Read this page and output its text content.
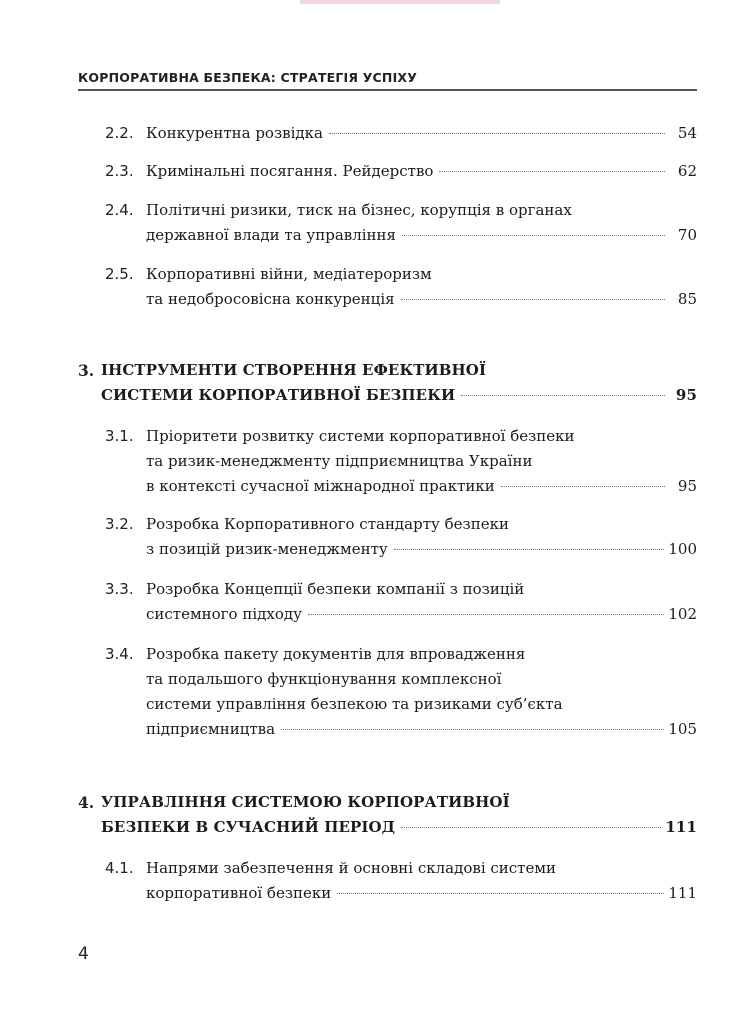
КОРПОРАТИВНА БЕЗПЕКА: СТРАТЕГІЯ УСПІХУ
2.2. Конкурентна розвідка	54
2.3. Кримінальні посягання. Рейдерство	62
2.4. Політичні ризики, тиск на бізнес, корупція в органах
державної влади та управління	70
2.5. Корпоративні війни, медіатероризм
та недобросовісна конкуренція	85
3. ІНСТРУМЕНТИ СТВОРЕННЯ ЕФЕКТИВНОЇ
СИСТЕМИ КОРПОРАТИВНОЇ БЕЗПЕКИ	95
3.1. Пріоритети розвитку системи корпоративної безпеки
та ризик-менеджменту підприємництва України
в контексті сучасної міжнародної практики	95
3.2. Розробка Корпоративного стандарту безпеки
з позицій ризик-менеджменту	100
3.3. Розробка Концепції безпеки компанії з позицій
системного підходу	102
3.4. Розробка пакету документів для впровадження
та подальшого функціонування комплексної
системи управління безпекою та ризиками суб’єкта
підприємництва	105
4. УПРАВЛІННЯ СИСТЕМОЮ КОРПОРАТИВНОЇ
БЕЗПЕКИ В СУЧАСНИЙ ПЕРІОД	111
4.1. Напрями забезпечення й основні складові системи
корпоративної безпеки	111
4
